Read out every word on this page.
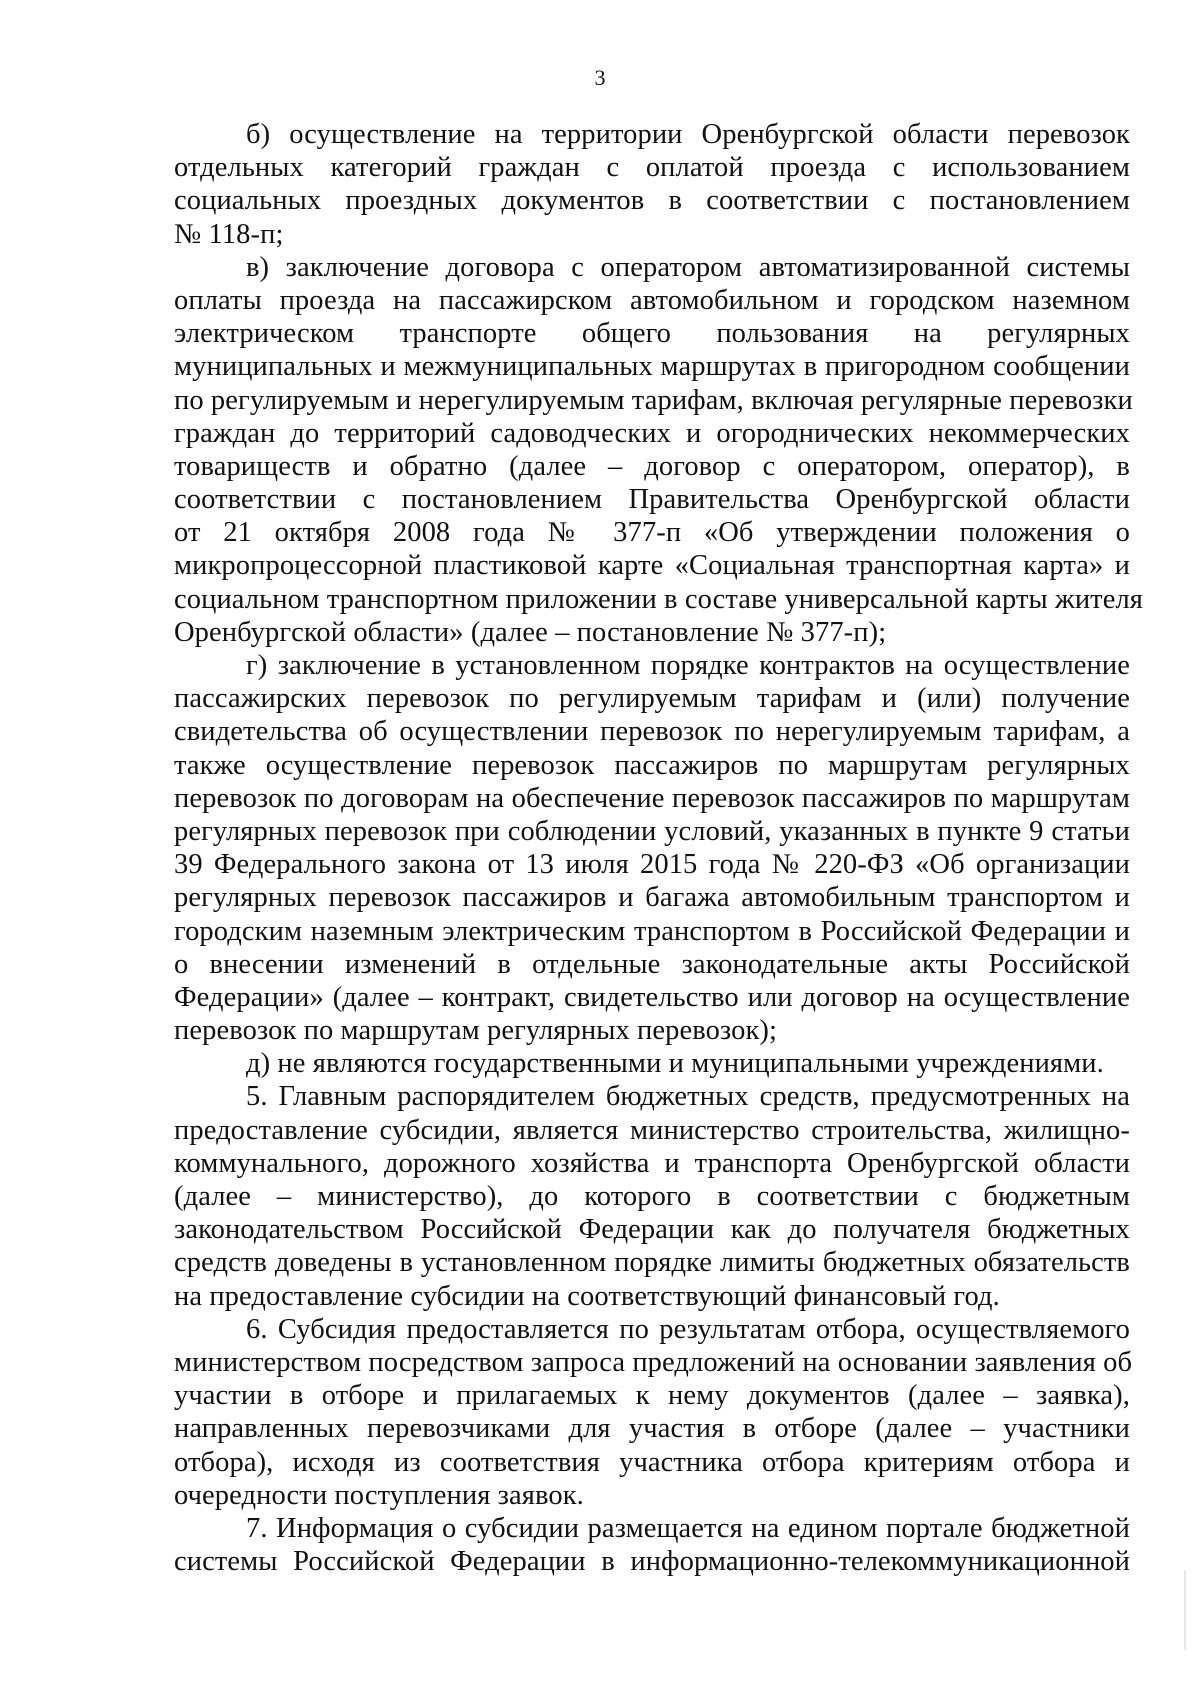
3
б) осуществление на территории Оренбургской области перевозок
отдельных категорий граждан с оплатой проезда с использованием
социальных проездных документов в соответствии с постановлением
№ 118-п;
в) заключение договора с оператором автоматизированной системы
оплаты проезда на пассажирском автомобильном и городском наземном
электрическом транспорте общего пользования на регулярных
муниципальных и межмуниципальных маршрутах в пригородном сообщении
по регулируемым и нерегулируемым тарифам, включая регулярные перевозки
граждан до территорий садоводческих и огороднических некоммерческих
товариществ и обратно (далее – договор с оператором, оператор), в
соответствии с постановлением Правительства Оренбургской области
от 21 октября 2008 года № 377-п «Об утверждении положения о
микропроцессорной пластиковой карте «Социальная транспортная карта» и
социальном транспортном приложении в составе универсальной карты жителя
Оренбургской области» (далее – постановление № 377-п);
г) заключение в установленном порядке контрактов на осуществление
пассажирских перевозок по регулируемым тарифам и (или) получение
свидетельства об осуществлении перевозок по нерегулируемым тарифам, а
также осуществление перевозок пассажиров по маршрутам регулярных
перевозок по договорам на обеспечение перевозок пассажиров по маршрутам
регулярных перевозок при соблюдении условий, указанных в пункте 9 статьи
39 Федерального закона от 13 июля 2015 года № 220-ФЗ «Об организации
регулярных перевозок пассажиров и багажа автомобильным транспортом и
городским наземным электрическим транспортом в Российской Федерации и
о внесении изменений в отдельные законодательные акты Российской
Федерации» (далее – контракт, свидетельство или договор на осуществление
перевозок по маршрутам регулярных перевозок);
д) не являются государственными и муниципальными учреждениями.
5. Главным распорядителем бюджетных средств, предусмотренных на
предоставление субсидии, является министерство строительства, жилищно-
коммунального, дорожного хозяйства и транспорта Оренбургской области
(далее – министерство), до которого в соответствии с бюджетным
законодательством Российской Федерации как до получателя бюджетных
средств доведены в установленном порядке лимиты бюджетных обязательств
на предоставление субсидии на соответствующий финансовый год.
6. Субсидия предоставляется по результатам отбора, осуществляемого
министерством посредством запроса предложений на основании заявления об
участии в отборе и прилагаемых к нему документов (далее – заявка),
направленных перевозчиками для участия в отборе (далее – участники
отбора), исходя из соответствия участника отбора критериям отбора и
очередности поступления заявок.
7. Информация о субсидии размещается на едином портале бюджетной
системы Российской Федерации в информационно-телекоммуникационной
